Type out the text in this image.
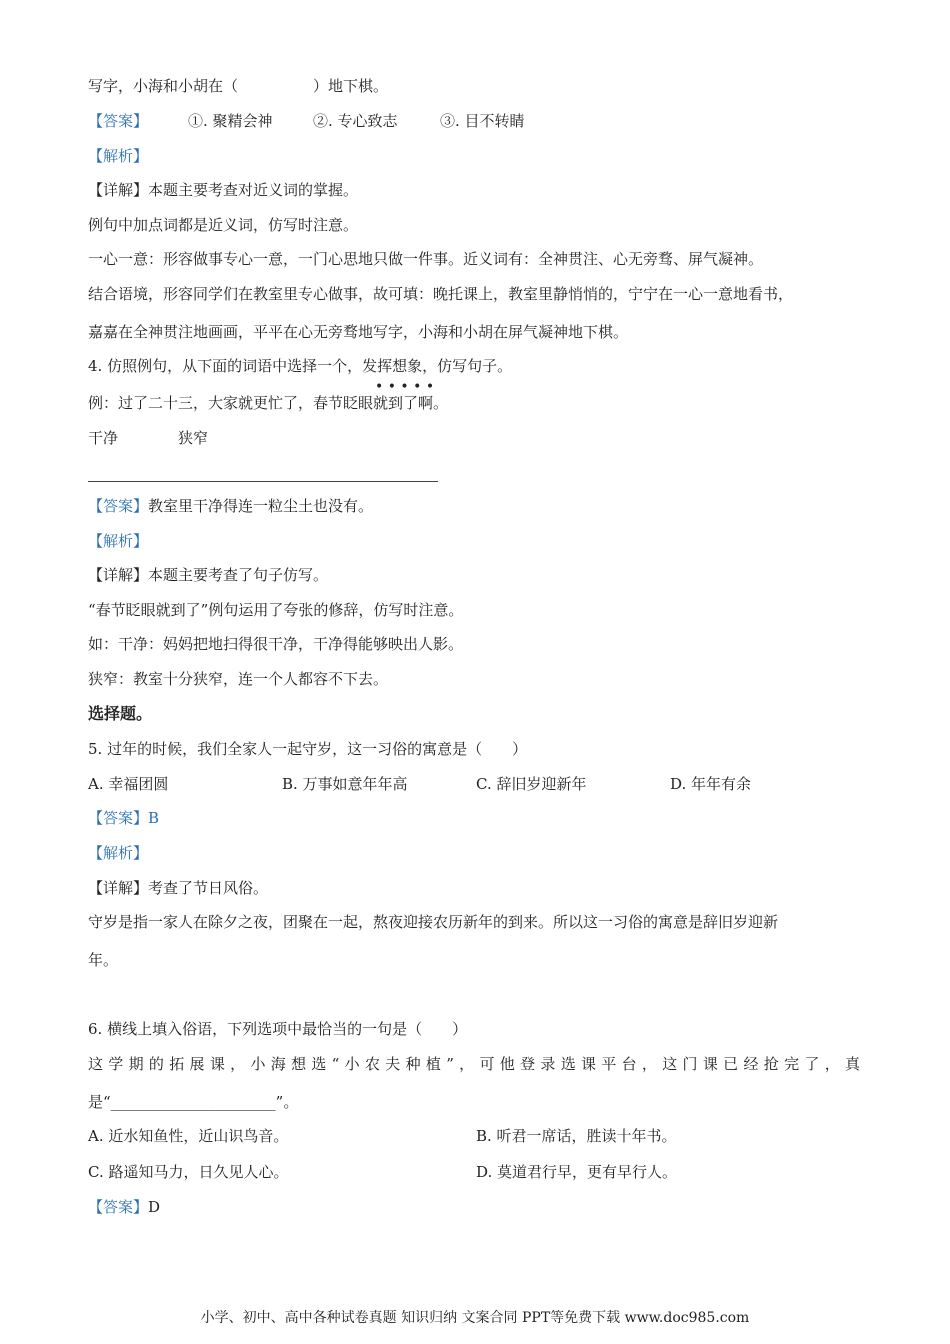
写字，小海和小胡在（　　　　　）地下棋。
【答案】	①. 聚精会神	②. 专心致志	③. 目不转睛
【解析】
【详解】本题主要考查对近义词的掌握。
例句中加点词都是近义词，仿写时注意。
一心一意：形容做事专心一意，一门心思地只做一件事。近义词有：全神贯注、心无旁骛、屏气凝神。
结合语境，形容同学们在教室里专心做事，故可填：晚托课上，教室里静悄悄的，宁宁在一心一意地看书，
嘉嘉在全神贯注地画画，平平在心无旁骛地写字，小海和小胡在屏气凝神地下棋。
4. 仿照例句，从下面的词语中选择一个，发挥想象，仿写句子。
• • • • •
例：过了二十三，大家就更忙了，春节眨眼就到了啊。
干净	狭窄
【答案】教室里干净得连一粒尘土也没有。
【解析】
【详解】本题主要考查了句子仿写。
“春节眨眼就到了”例句运用了夸张的修辞，仿写时注意。
如：干净：妈妈把地扫得很干净，干净得能够映出人影。
狭窄：教室十分狭窄，连一个人都容不下去。
选择题。
5. 过年的时候，我们全家人一起守岁，这一习俗的寓意是（　　）
A. 幸福团圆	B. 万事如意年年高	C. 辞旧岁迎新年	D. 年年有余
【答案】B
【解析】
【详解】考查了节日风俗。
守岁是指一家人在除夕之夜，团聚在一起，熬夜迎接农历新年的到来。所以这一习俗的寓意是辞旧岁迎新
年。
6. 横线上填入俗语，下列选项中最恰当的一句是（　　）
这学期的拓展课，小海想选“小农夫种植”，可他登录选课平台，这门课已经抢完了，真
是“______________________”。
A. 近水知鱼性，近山识鸟音。	B. 听君一席话，胜读十年书。
C. 路遥知马力，日久见人心。	D. 莫道君行早，更有早行人。
【答案】D
小学、初中、高中各种试卷真题 知识归纳 文案合同 PPT等免费下载 www.doc985.com
